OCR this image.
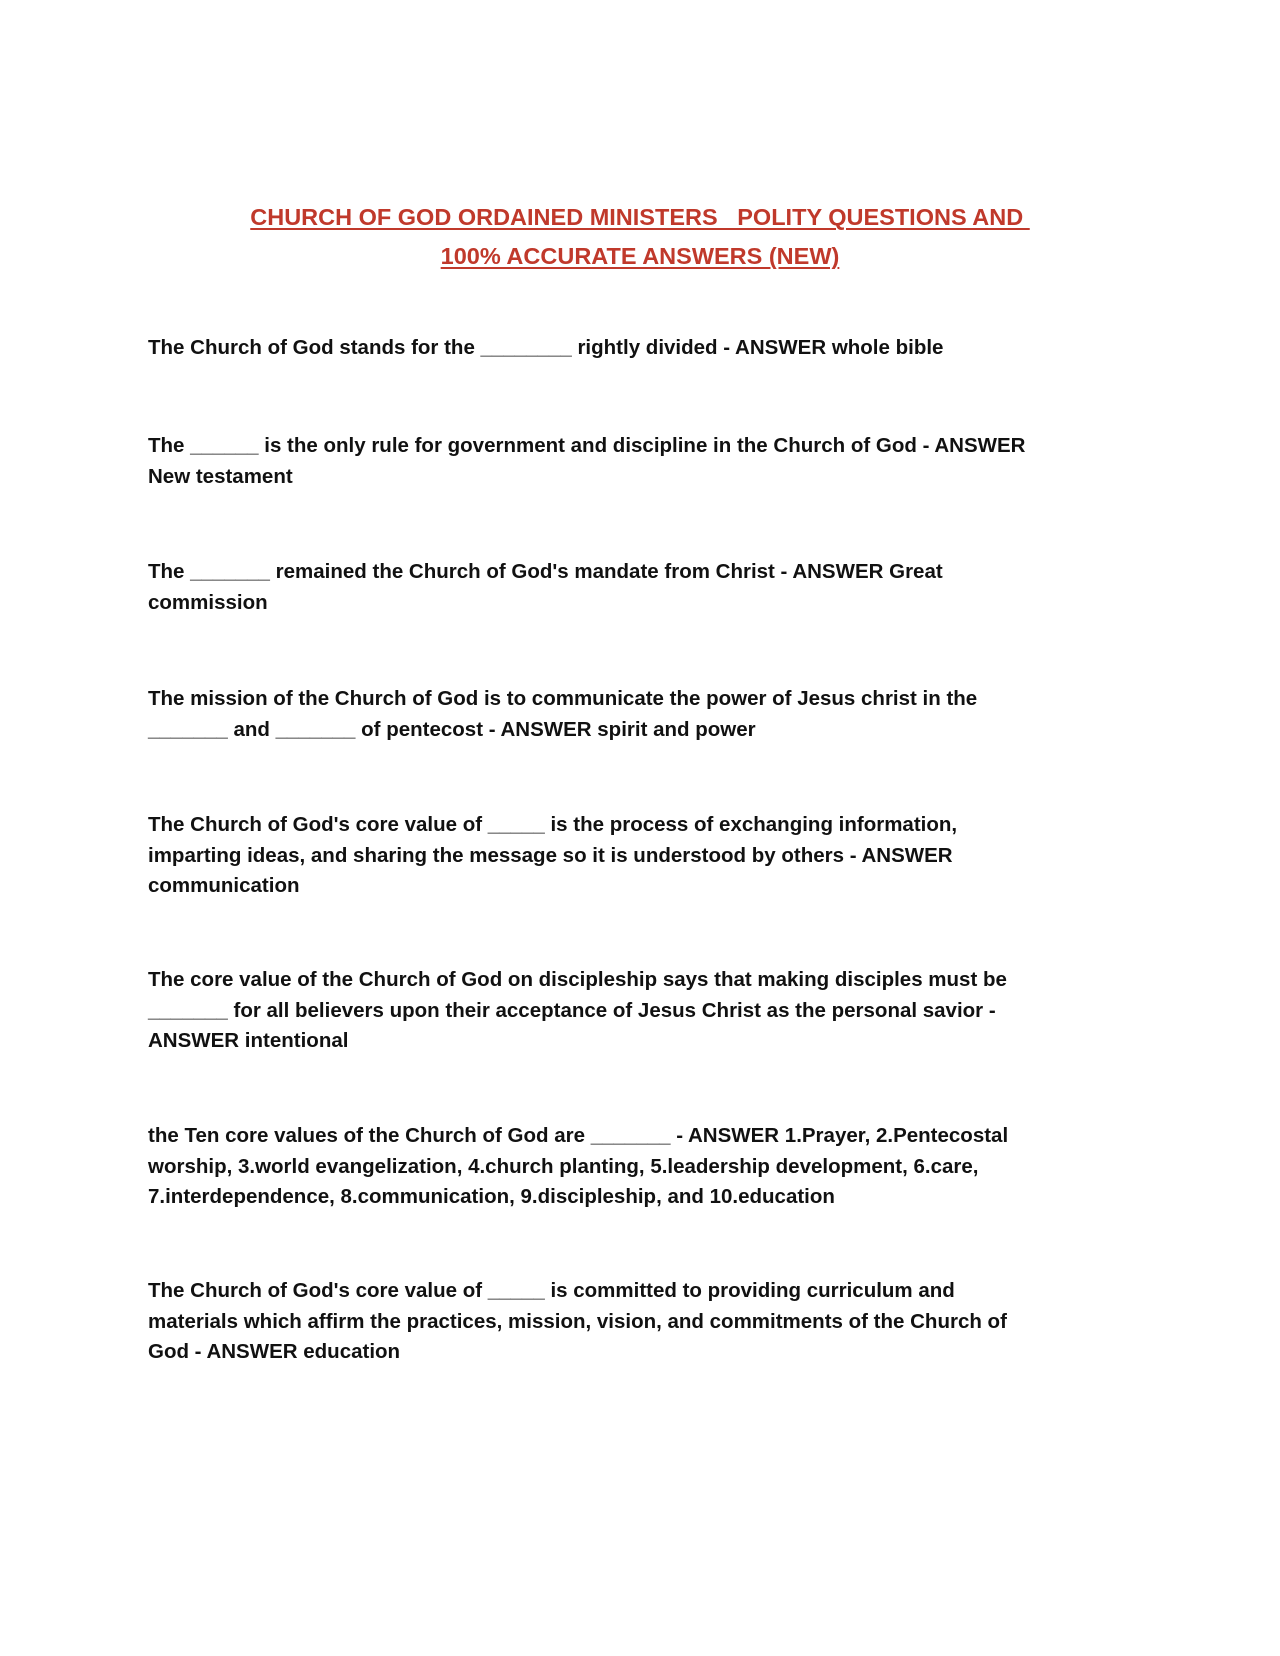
CHURCH OF GOD ORDAINED MINISTERS   POLITY QUESTIONS AND
100% ACCURATE ANSWERS (NEW)

The Church of God stands for the ________ rightly divided - ANSWER whole bible

The ______ is the only rule for government and discipline in the Church of God - ANSWER
New testament

The _______ remained the Church of God's mandate from Christ - ANSWER Great
commission

The mission of the Church of God is to communicate the power of Jesus christ in the
_______ and _______ of pentecost - ANSWER spirit and power

The Church of God's core value of _____ is the process of exchanging information,
imparting ideas, and sharing the message so it is understood by others - ANSWER
communication

The core value of the Church of God on discipleship says that making disciples must be
_______ for all believers upon their acceptance of Jesus Christ as the personal savior -
ANSWER intentional

the Ten core values of the Church of God are _______ - ANSWER 1.Prayer, 2.Pentecostal
worship, 3.world evangelization, 4.church planting, 5.leadership development, 6.care,
7.interdependence, 8.communication, 9.discipleship, and 10.education

The Church of God's core value of _____ is committed to providing curriculum and
materials which affirm the practices, mission, vision, and commitments of the Church of
God - ANSWER education
